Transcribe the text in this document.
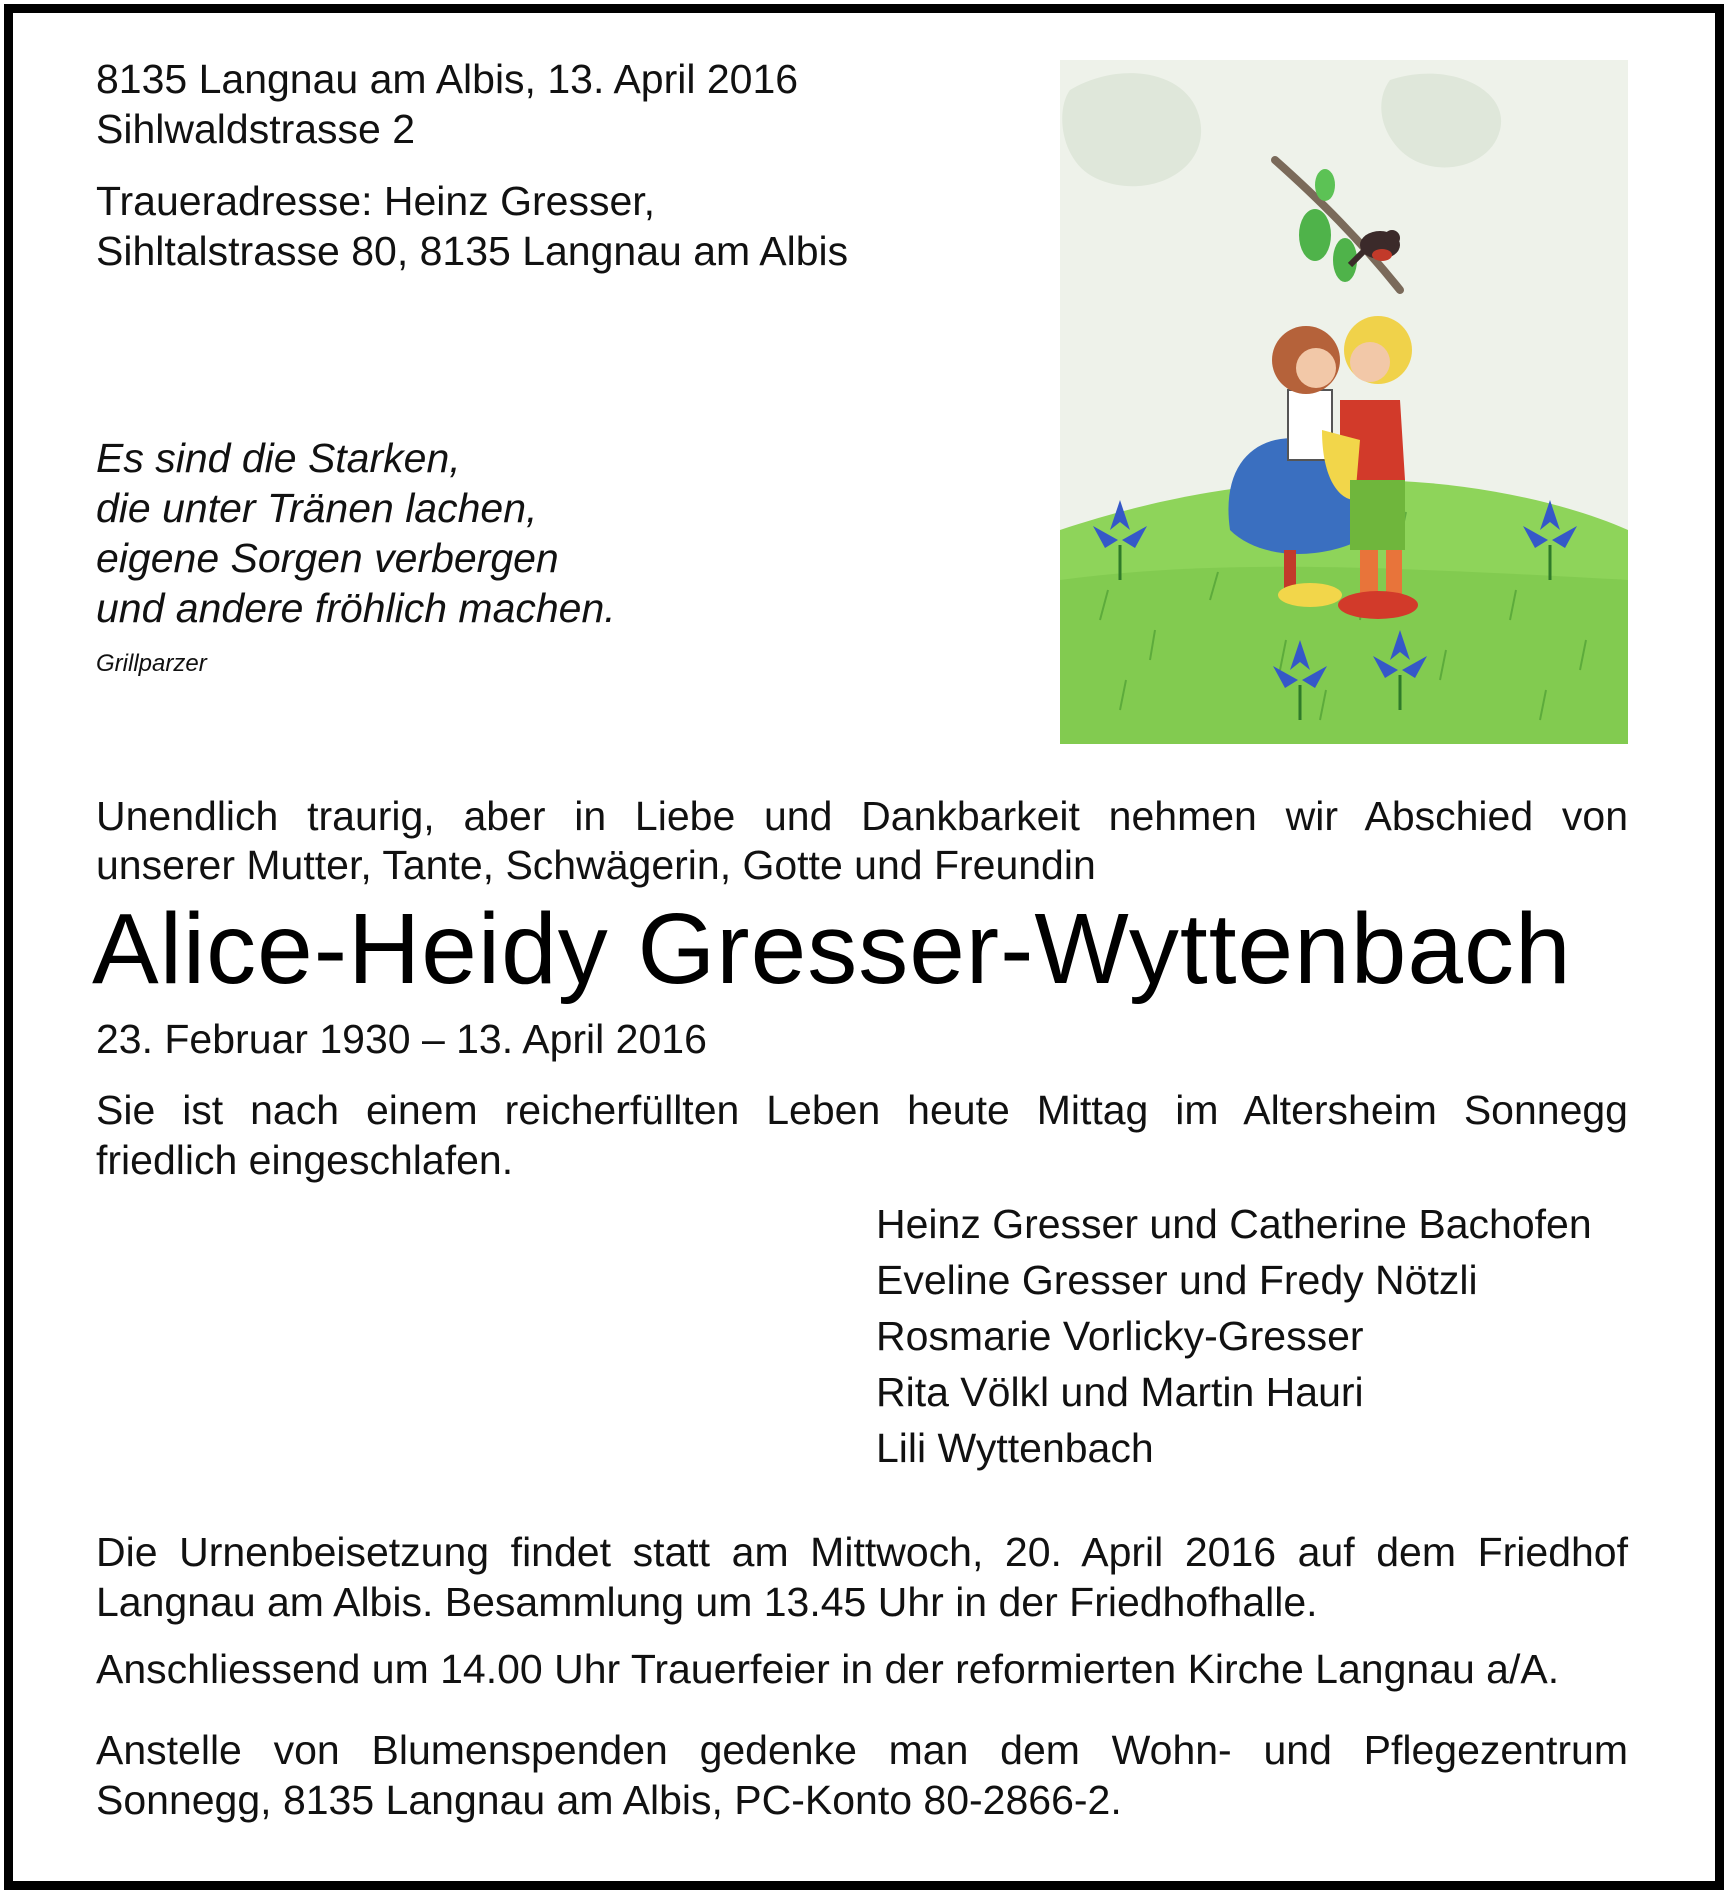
8135 Langnau am Albis, 13. April 2016
Sihlwaldstrasse 2
Traueradresse: Heinz Gresser,
Sihltalstrasse 80, 8135 Langnau am Albis
Es sind die Starken,
die unter Tränen lachen,
eigene Sorgen verbergen
und andere fröhlich machen.
Grillparzer
Unendlich traurig, aber in Liebe und Dankbarkeit nehmen wir Abschied von
unserer Mutter, Tante, Schwägerin, Gotte und Freundin
Alice-Heidy Gresser-Wyttenbach
23. Februar 1930 – 13. April 2016
Sie ist nach einem reicherfüllten Leben heute Mittag im Altersheim Sonnegg
friedlich eingeschlafen.
Heinz Gresser und Catherine Bachofen
Eveline Gresser und Fredy Nötzli
Rosmarie Vorlicky-Gresser
Rita Völkl und Martin Hauri
Lili Wyttenbach
Die Urnenbeisetzung findet statt am Mittwoch, 20. April 2016 auf dem Friedhof
Langnau am Albis. Besammlung um 13.45 Uhr in der Friedhofhalle.
Anschliessend um 14.00 Uhr Trauerfeier in der reformierten Kirche Langnau a/A.
Anstelle von Blumenspenden gedenke man dem Wohn- und Pflegezentrum
Sonnegg, 8135 Langnau am Albis, PC-Konto 80-2866-2.
